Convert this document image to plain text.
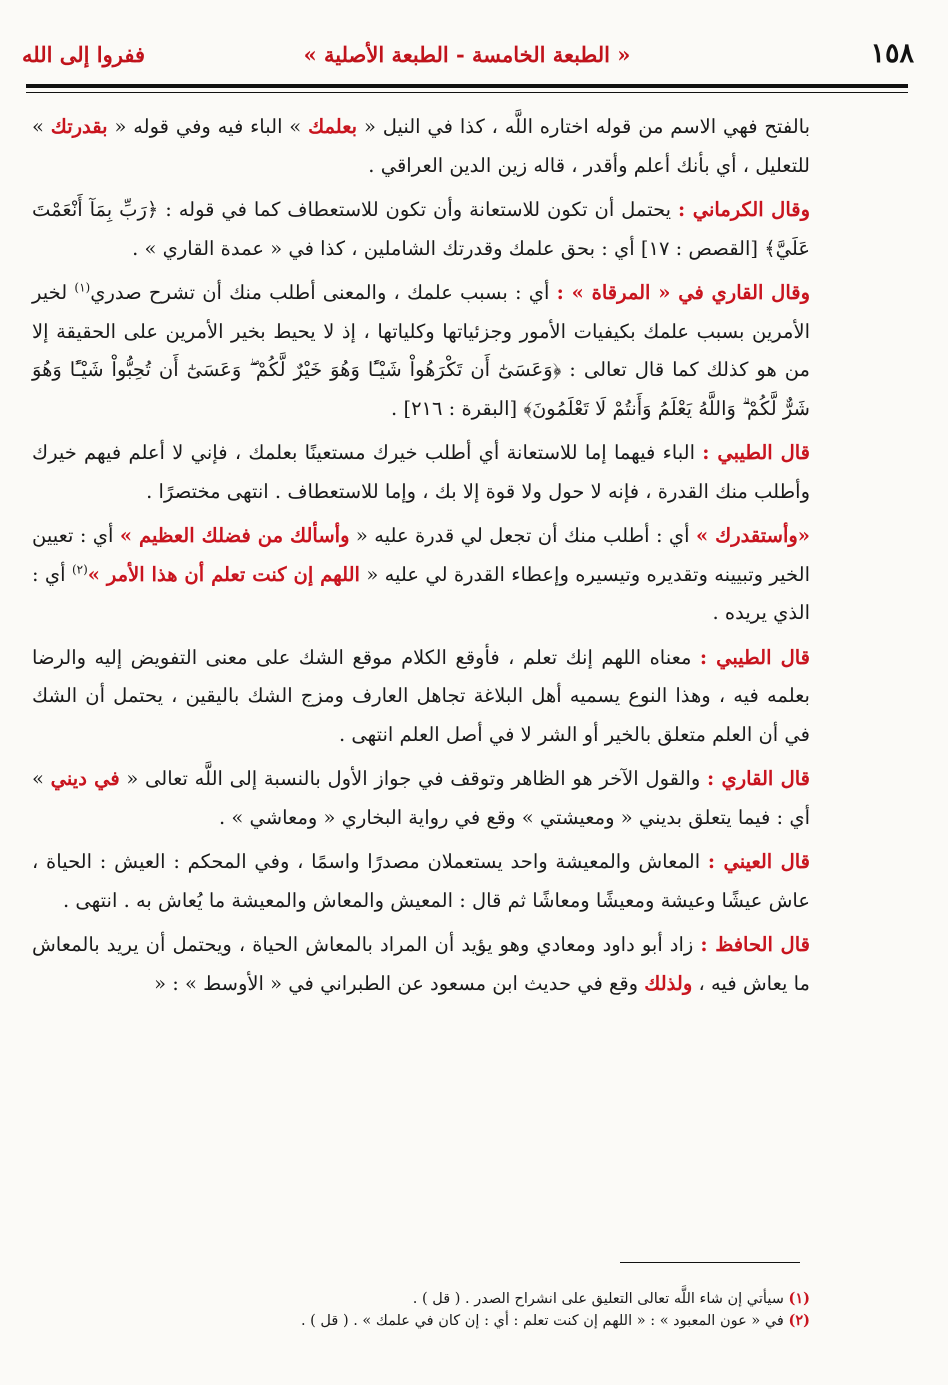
١٥٨
« الطبعة الخامسة - الطبعة الأصلية »
ففروا إلى الله

بالفتح فهي الاسم من قوله اختاره اللَّه ، كذا في النيل « بعلمك » الباء فيه وفي قوله « بقدرتك » للتعليل ، أي بأنك أعلم وأقدر ، قاله زين الدين العراقي .

وقال الكرماني : يحتمل أن تكون للاستعانة وأن تكون للاستعطاف كما في قوله : ﴿رَبِّ بِمَآ أَنْعَمْتَ عَلَيَّ﴾ [القصص : ١٧] أي : بحق علمك وقدرتك الشاملين ، كذا في « عمدة القاري » .

وقال القاري في « المرقاة » : أي : بسبب علمك ، والمعنى أطلب منك أن تشرح صدري$^{(١)}$ لخير الأمرين بسبب علمك بكيفيات الأمور وجزئياتها وكلياتها ، إذ لا يحيط بخير الأمرين على الحقيقة إلا من هو كذلك كما قال تعالى : ﴿وَعَسَىٰٓ أَن تَكْرَهُواْ شَيْـًٔا وَهُوَ خَيْرٌ لَّكُمْ ۖ وَعَسَىٰٓ أَن تُحِبُّواْ شَيْـًٔا وَهُوَ شَرٌّ لَّكُمْ ۗ وَاللَّهُ يَعْلَمُ وَأَنتُمْ لَا تَعْلَمُونَ﴾ [البقرة : ٢١٦] .

قال الطيبي : الباء فيهما إما للاستعانة أي أطلب خيرك مستعينًا بعلمك ، فإني لا أعلم فيهم خيرك وأطلب منك القدرة ، فإنه لا حول ولا قوة إلا بك ، وإما للاستعطاف . انتهى مختصرًا .

«وأستقدرك » أي : أطلب منك أن تجعل لي قدرة عليه « وأسألك من فضلك العظيم » أي : تعيين الخير وتبيينه وتقديره وتيسيره وإعطاء القدرة لي عليه « اللهم إن كنت تعلم أن هذا الأمر »$^{(٢)}$ أي : الذي يريده .

قال الطيبي : معناه اللهم إنك تعلم ، فأوقع الكلام موقع الشك على معنى التفويض إليه والرضا بعلمه فيه ، وهذا النوع يسميه أهل البلاغة تجاهل العارف ومزج الشك باليقين ، يحتمل أن الشك في أن العلم متعلق بالخير أو الشر لا في أصل العلم انتهى .

قال القاري : والقول الآخر هو الظاهر وتوقف في جواز الأول بالنسبة إلى اللَّه تعالى « في ديني » أي : فيما يتعلق بديني « ومعيشتي » وقع في رواية البخاري « ومعاشي » .

قال العيني : المعاش والمعيشة واحد يستعملان مصدرًا واسمًا ، وفي المحكم : العيش : الحياة ، عاش عيشًا وعيشة ومعيشًا ومعاشًا ثم قال : المعيش والمعاش والمعيشة ما يُعاش به . انتهى .

قال الحافظ : زاد أبو داود ومعادي وهو يؤيد أن المراد بالمعاش الحياة ، ويحتمل أن يريد بالمعاش ما يعاش فيه ، ولذلك وقع في حديث ابن مسعود عن الطبراني في « الأوسط » : «

(١) سيأتي إن شاء اللَّه تعالى التعليق على انشراح الصدر . ( قل ) .

(٢) في « عون المعبود » : « اللهم إن كنت تعلم : أي : إن كان في علمك » . ( قل ) .
